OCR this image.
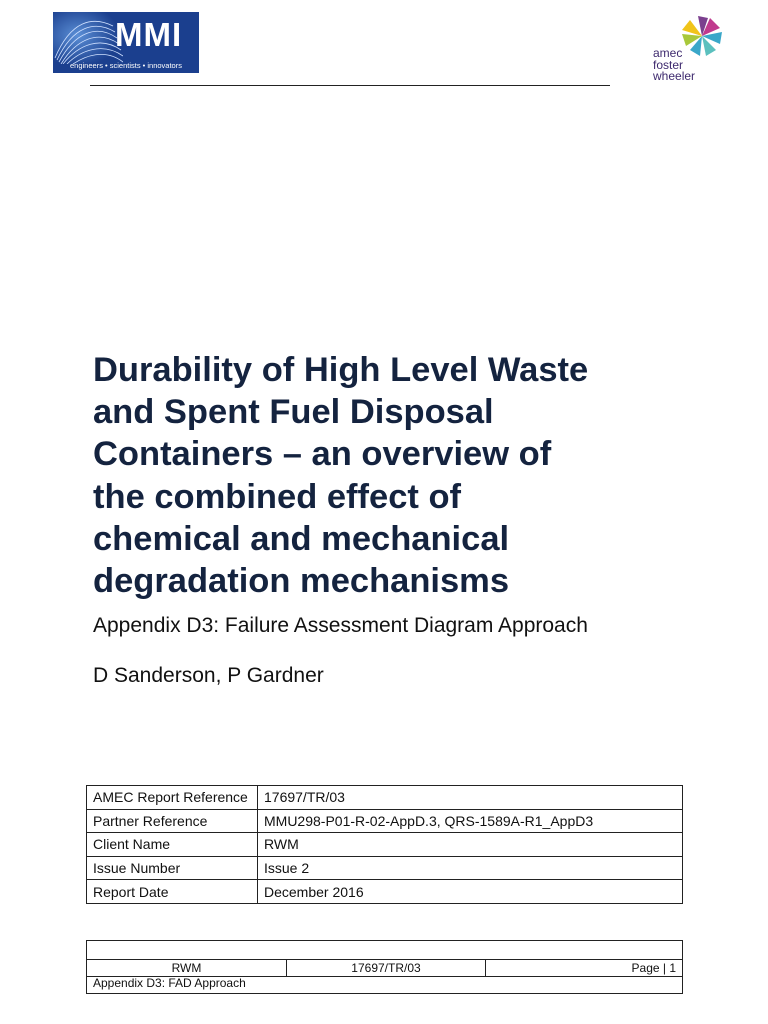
MMI
engineers • scientists • innovators
amec
foster
wheeler
Durability of High Level Waste
and Spent Fuel Disposal
Containers – an overview of
the combined effect of
chemical and mechanical
degradation mechanisms
Appendix D3: Failure Assessment Diagram Approach
D Sanderson, P Gardner
AMEC Report Reference	17697/TR/03
Partner Reference	MMU298-P01-R-02-AppD.3, QRS-1589A-R1_AppD3
Client Name	RWM
Issue Number	Issue 2
Report Date	December 2016
RWM	17697/TR/03	Page | 1
Appendix D3: FAD Approach
